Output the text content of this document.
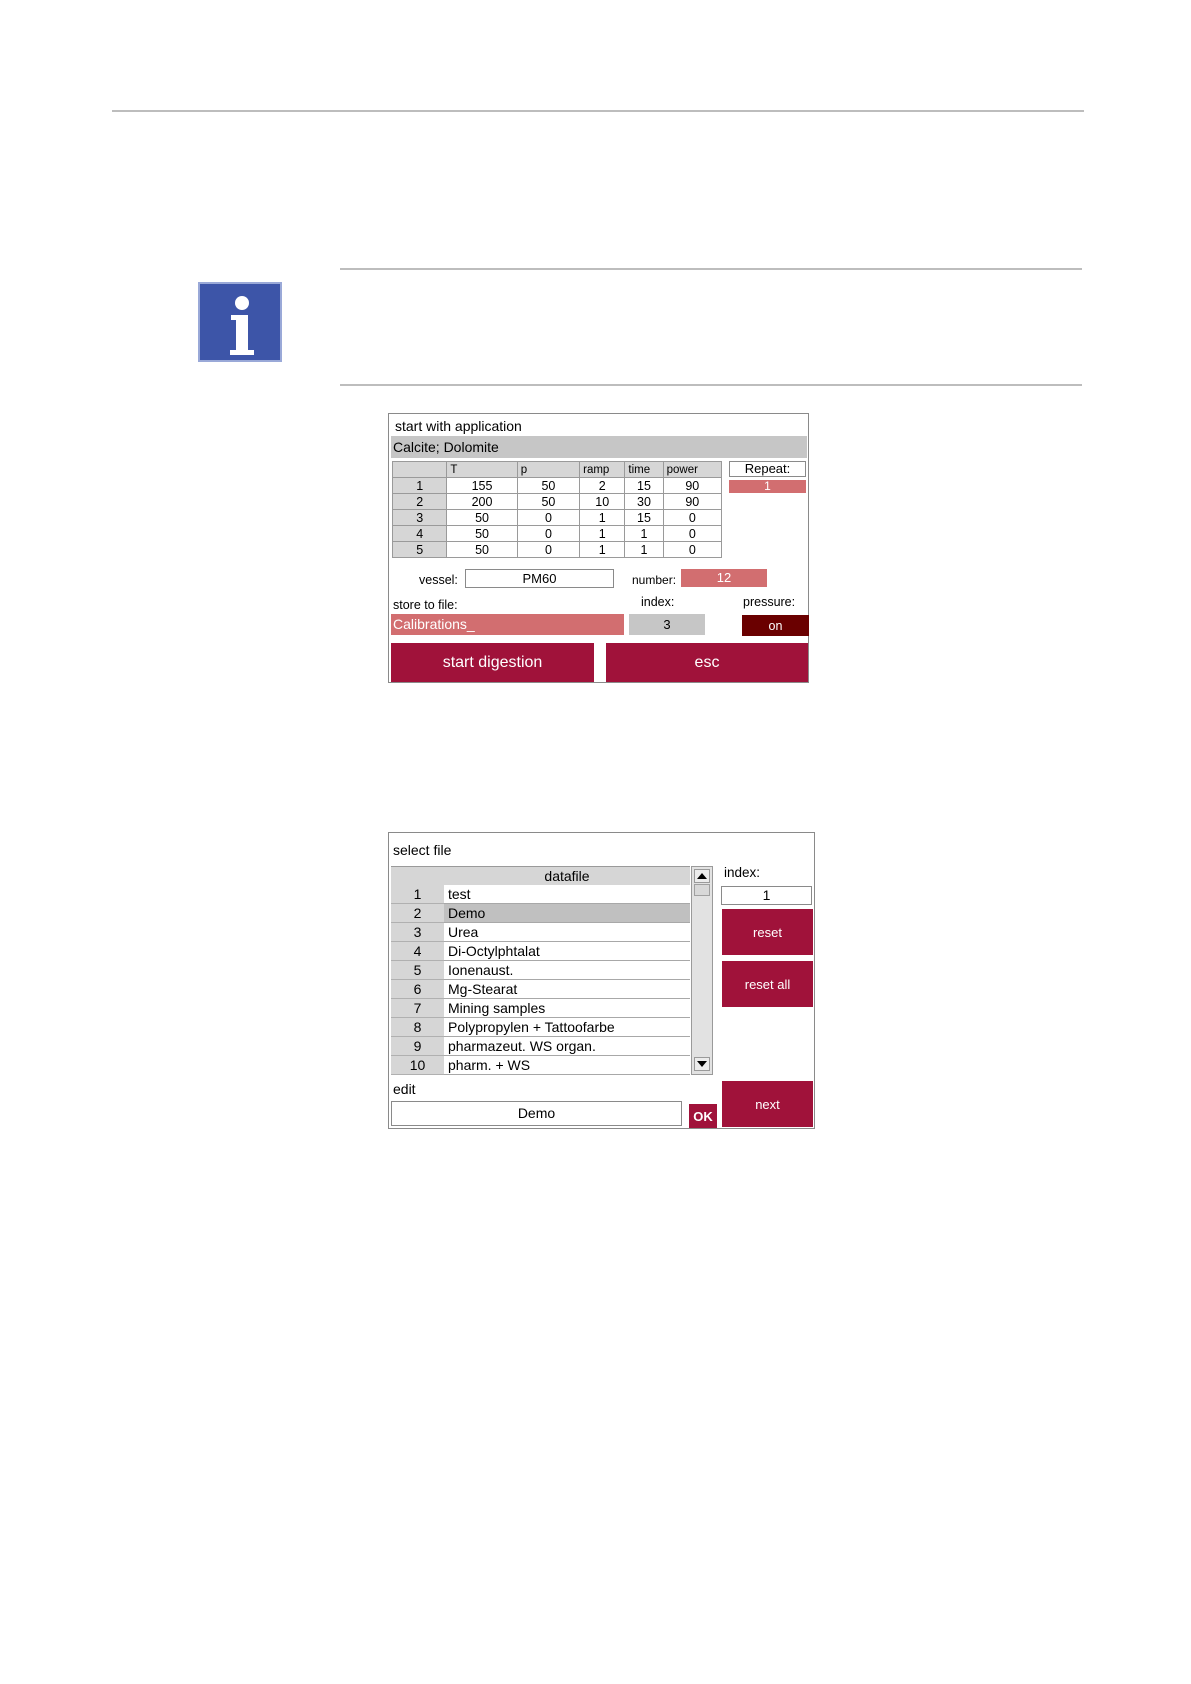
start with application
Calcite; Dolomite
	T	p	ramp	time	power
1	155	50	2	15	90
2	200	50	10	30	90
3	50	0	1	15	0
4	50	0	1	1	0
5	50	0	1	1	0
Repeat:
1
vessel:	PM60	number:	12
store to file:	index:	pressure:
Calibrations_	3	on
start digestion	esc
select file
datafile
1	test
2	Demo
3	Urea
4	Di-Octylphtalat
5	Ionenaust.
6	Mg-Stearat
7	Mining samples
8	Polypropylen + Tattoofarbe
9	pharmazeut. WS organ.
10	pharm. + WS
index:
1
reset
reset all
edit
Demo	OK
next
